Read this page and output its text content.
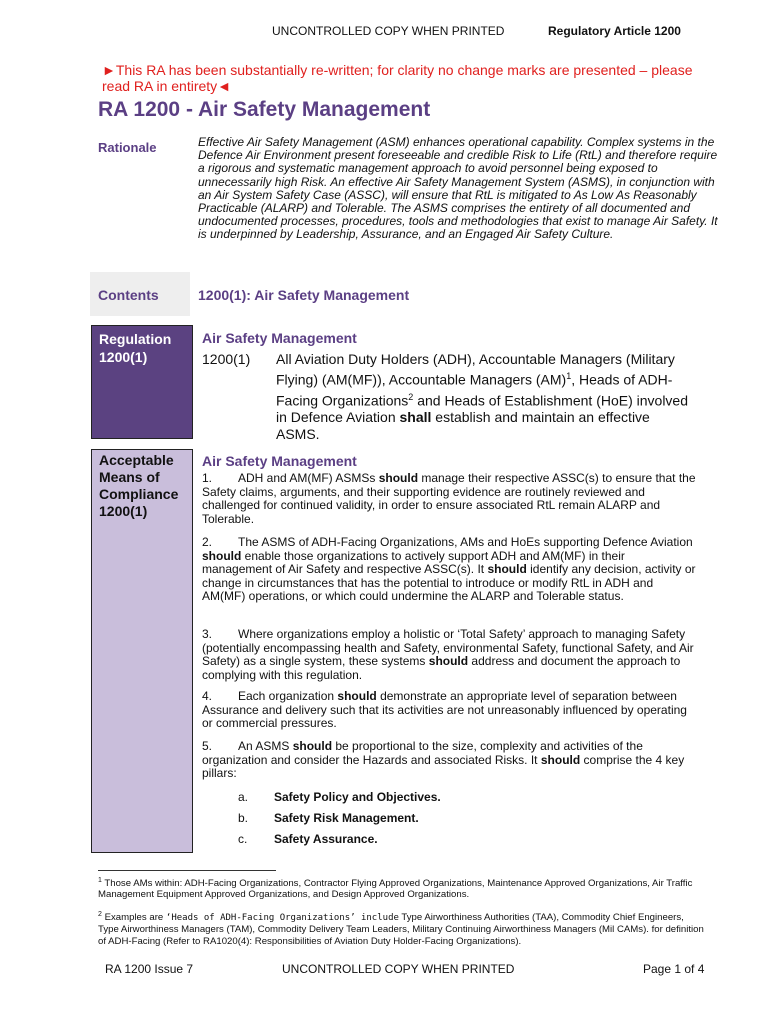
UNCONTROLLED COPY WHEN PRINTED	Regulatory Article 1200
►This RA has been substantially re-written; for clarity no change marks are presented – please read RA in entirety◄
RA 1200 - Air Safety Management
Rationale	Effective Air Safety Management (ASM) enhances operational capability. Complex systems in the Defence Air Environment present foreseeable and credible Risk to Life (RtL) and therefore require a rigorous and systematic management approach to avoid personnel being exposed to unnecessarily high Risk. An effective Air Safety Management System (ASMS), in conjunction with an Air System Safety Case (ASSC), will ensure that RtL is mitigated to As Low As Reasonably Practicable (ALARP) and Tolerable. The ASMS comprises the entirety of all documented and undocumented processes, procedures, tools and methodologies that exist to manage Air Safety. It is underpinned by Leadership, Assurance, and an Engaged Air Safety Culture.
Contents	1200(1): Air Safety Management
Regulation
1200(1)
Air Safety Management
1200(1) All Aviation Duty Holders (ADH), Accountable Managers (Military Flying) (AM(MF)), Accountable Managers (AM)$^1$, Heads of ADH-Facing Organizations$^2$ and Heads of Establishment (HoE) involved in Defence Aviation shall establish and maintain an effective ASMS.
Acceptable
Means of
Compliance
1200(1)
Air Safety Management
1. ADH and AM(MF) ASMSs should manage their respective ASSC(s) to ensure that the Safety claims, arguments, and their supporting evidence are routinely reviewed and challenged for continued validity, in order to ensure associated RtL remain ALARP and Tolerable.
2. The ASMS of ADH-Facing Organizations, AMs and HoEs supporting Defence Aviation should enable those organizations to actively support ADH and AM(MF) in their management of Air Safety and respective ASSC(s). It should identify any decision, activity or change in circumstances that has the potential to introduce or modify RtL in ADH and AM(MF) operations, or which could undermine the ALARP and Tolerable status.
3. Where organizations employ a holistic or ‘Total Safety’ approach to managing Safety (potentially encompassing health and Safety, environmental Safety, functional Safety, and Air Safety) as a single system, these systems should address and document the approach to complying with this regulation.
4. Each organization should demonstrate an appropriate level of separation between Assurance and delivery such that its activities are not unreasonably influenced by operating or commercial pressures.
5. An ASMS should be proportional to the size, complexity and activities of the organization and consider the Hazards and associated Risks. It should comprise the 4 key pillars:
a. Safety Policy and Objectives.
b. Safety Risk Management.
c. Safety Assurance.
$^1$ Those AMs within: ADH-Facing Organizations, Contractor Flying Approved Organizations, Maintenance Approved Organizations, Air Traffic Management Equipment Approved Organizations, and Design Approved Organizations.
$^2$ Examples are ‘Heads of ADH-Facing Organizations’ include Type Airworthiness Authorities (TAA), Commodity Chief Engineers, Type Airworthiness Managers (TAM), Commodity Delivery Team Leaders, Military Continuing Airworthiness Managers (Mil CAMs). for definition of ADH-Facing (Refer to RA1020(4): Responsibilities of Aviation Duty Holder-Facing Organizations).
RA 1200 Issue 7	UNCONTROLLED COPY WHEN PRINTED	Page 1 of 4
